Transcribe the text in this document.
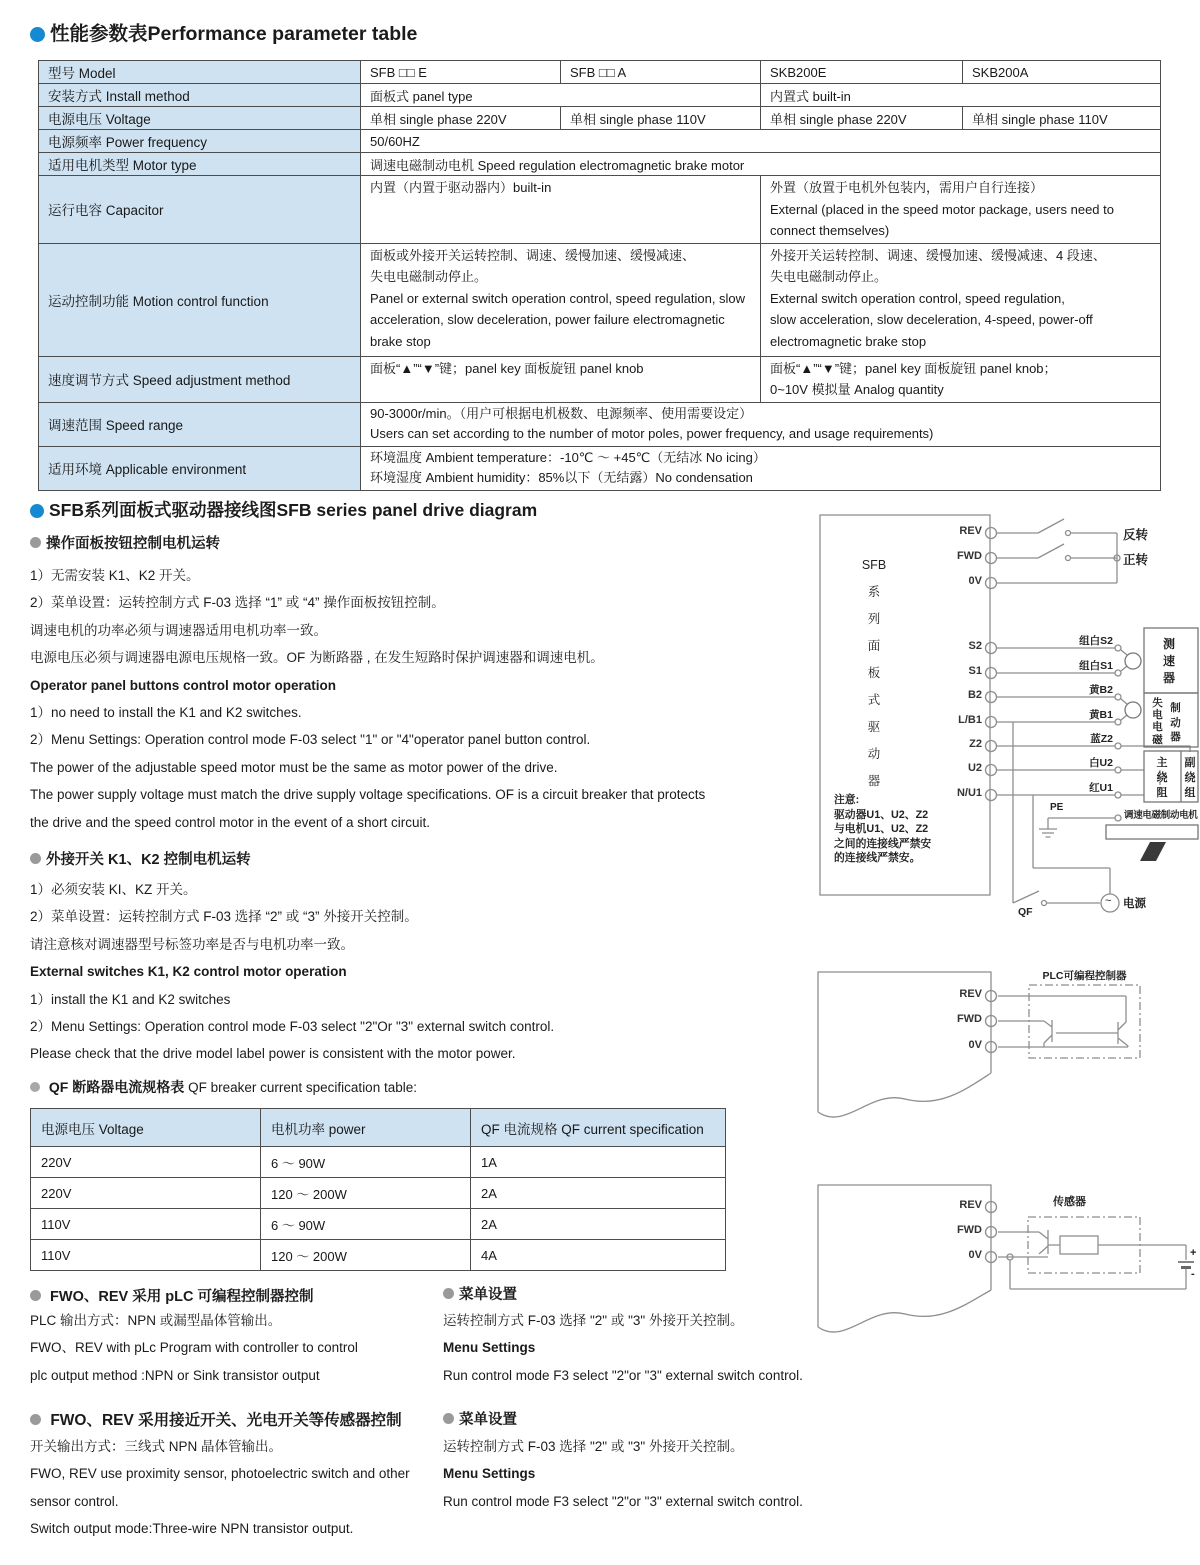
性能参数表Performance parameter table
型号 Model	SFB □□ E	SFB □□ A	SKB200E	SKB200A
安装方式 Install method	面板式 panel type		内置式 built-in	
电源电压 Voltage	单相 single phase 220V	单相 single phase 110V	单相 single phase 220V	单相 single phase 110V
电源频率 Power frequency	50/60HZ			
适用电机类型 Motor type	调速电磁制动电机 Speed regulation electromagnetic brake motor			
运行电容 Capacitor	内置（内置于驱动器内）built-in		外置（放置于电机外包装内，需用户自行连接）
External (placed in the speed motor package, users need to
connect themselves)	
运动控制功能 Motion control function	面板或外接开关运转控制、调速、缓慢加速、缓慢减速、
失电电磁制动停止。
Panel or external switch operation control, speed regulation, slow
acceleration, slow deceleration, power failure electromagnetic
brake stop		外接开关运转控制、调速、缓慢加速、缓慢减速、4 段速、
失电电磁制动停止。
External switch operation control, speed regulation,
slow acceleration, slow deceleration, 4-speed, power-off
electromagnetic brake stop	
速度调节方式 Speed adjustment method	面板“▲”“▼”键；panel key 面板旋钮 panel knob		面板“▲”“▼”键；panel key 面板旋钮 panel knob；
0~10V 模拟量 Analog quantity	
调速范围 Speed range	90-3000r/min。（用户可根据电机极数、电源频率、使用需要设定）
Users can set according to the number of motor poles, power frequency, and usage requirements)			
适用环境 Applicable environment	环境温度 Ambient temperature：-10℃ ～ +45℃（无结冰 No icing）
环境湿度 Ambient humidity：85%以下（无结露）No condensation			
SFB系列面板式驱动器接线图SFB series panel drive diagram
操作面板按钮控制电机运转
1）无需安装 K1、K2 开关。
2）菜单设置：运转控制方式 F-03 选择 “1” 或 “4” 操作面板按钮控制。
调速电机的功率必须与调速器适用电机功率一致。
电源电压必须与调速器电源电压规格一致。OF 为断路器 , 在发生短路时保护调速器和调速电机。
Operator panel buttons control motor operation
1）no need to install the K1 and K2 switches.
2）Menu Settings: Operation control mode F-03 select "1" or "4"operator panel button control.
The power of the adjustable speed motor must be the same as motor power of the drive.
The power supply voltage must match the drive supply voltage specifications. OF is a circuit breaker that protects
the drive and the speed control motor in the event of a short circuit.
外接开关 K1、K2 控制电机运转
1）必须安装 KI、KZ 开关。
2）菜单设置：运转控制方式 F-03 选择 “2” 或 “3” 外接开关控制。
请注意核对调速器型号标签功率是否与电机功率一致。
External switches K1, K2 control motor operation
1）install the K1 and K2 switches
2）Menu Settings: Operation control mode F-03 select "2"Or "3" external switch control.
Please check that the drive model label power is consistent with the motor power.
QF 断路器电流规格表 QF breaker current specification table:
电源电压 Voltage	电机功率 power	QF 电流规格 QF current specification
220V	6 ～ 90W	1A
220V	120 ～ 200W	2A
110V	6 ～ 90W	2A
110V	120 ～ 200W	4A
FWO、REV 采用 pLC 可编程控制器控制
PLC 输出方式：NPN 或漏型晶体管输出。
FWO、REV with pLc Program with controller to control
plc output method :NPN or Sink transistor output
菜单设置
运转控制方式 F-03 选择 "2" 或 "3" 外接开关控制。
Menu Settings
Run control mode F3 select "2"or "3" external switch control.
FWO、REV 采用接近开关、光电开关等传感器控制
开关输出方式：三线式 NPN 晶体管输出。
FWO, REV use proximity sensor, photoelectric switch and other
sensor control.
Switch output mode:Three-wire NPN transistor output.
菜单设置
运转控制方式 F-03 选择 "2" 或 "3" 外接开关控制。
Menu Settings
Run control mode F3 select "2"or "3" external switch control.
SFB
系
列
面
板
式
驱
动
器
REV
FWD
0V
S2
S1
B2
L/B1
Z2
U2
N/U1
反转
正转
组白S2
组白S1
黄B2
黄B1
蓝Z2
白U2
红U1
PE
测
速
器
失
电
电
磁
制
动
器
主
绕
阻
副
绕
组
调速电磁制动电机
QF
~ 电源
注意:
驱动器U1、U2、Z2
与电机U1、U2、Z2
之间的连接线严禁安
的连接线严禁安。
REV
FWD
0V
PLC可编程控制器
REV
FWD
0V
传感器
+
-
